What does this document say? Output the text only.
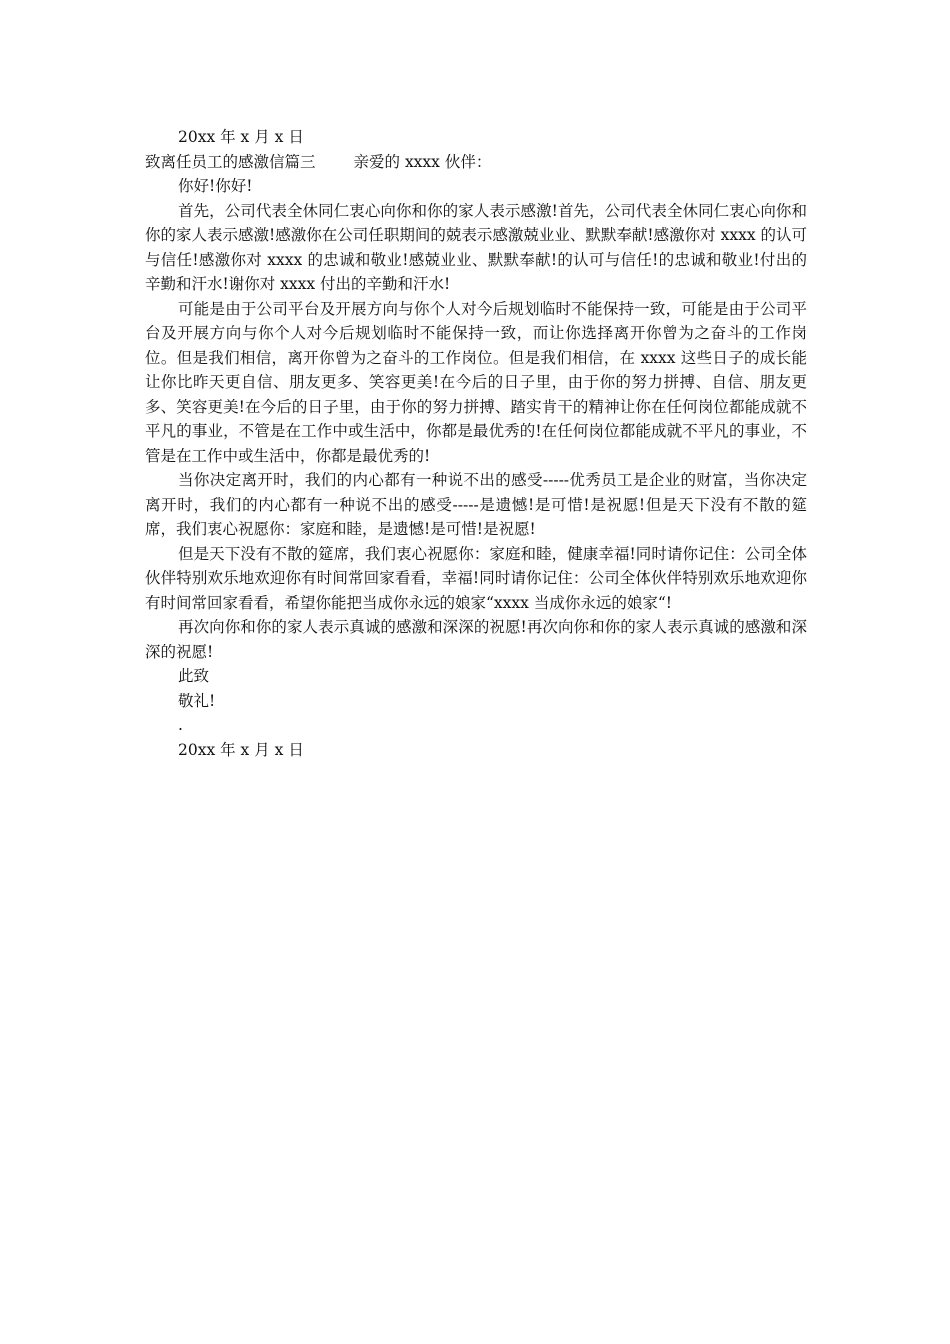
20xx 年 x 月 x 日
致离任员工的感激信篇三 亲爱的 xxxx 伙伴：
你好!你好!
首先，公司代表全休同仁衷心向你和你的家人表示感激!首先，公司代表全休同仁衷心向你和你的家人表示感激!感激你在公司任职期间的兢表示感激兢业业、默默奉献!感激你对 xxxx 的认可与信任!感激你对 xxxx 的忠诚和敬业!感兢业业、默默奉献!的认可与信任!的忠诚和敬业!付出的辛勤和汗水!谢你对 xxxx 付出的辛勤和汗水!
可能是由于公司平台及开展方向与你个人对今后规划临时不能保持一致，可能是由于公司平台及开展方向与你个人对今后规划临时不能保持一致，而让你选择离开你曾为之奋斗的工作岗位。但是我们相信，离开你曾为之奋斗的工作岗位。但是我们相信，在 xxxx 这些日子的成长能让你比昨天更自信、朋友更多、笑容更美!在今后的日子里，由于你的努力拼搏、自信、朋友更多、笑容更美!在今后的日子里，由于你的努力拼搏、踏实肯干的精神让你在任何岗位都能成就不平凡的事业，不管是在工作中或生活中，你都是最优秀的!在任何岗位都能成就不平凡的事业，不管是在工作中或生活中，你都是最优秀的!
当你决定离开时，我们的内心都有一种说不出的感受-----优秀员工是企业的财富，当你决定离开时，我们的内心都有一种说不出的感受-----是遗憾!是可惜!是祝愿!但是天下没有不散的筵席，我们衷心祝愿你：家庭和睦，是遗憾!是可惜!是祝愿!
但是天下没有不散的筵席，我们衷心祝愿你：家庭和睦，健康幸福!同时请你记住：公司全体伙伴特别欢乐地欢迎你有时间常回家看看，幸福!同时请你记住：公司全体伙伴特别欢乐地欢迎你有时间常回家看看，希望你能把当成你永远的娘家“xxxx 当成你永远的娘家“!
再次向你和你的家人表示真诚的感激和深深的祝愿!再次向你和你的家人表示真诚的感激和深深的祝愿!
此致
敬礼!
.
20xx 年 x 月 x 日
